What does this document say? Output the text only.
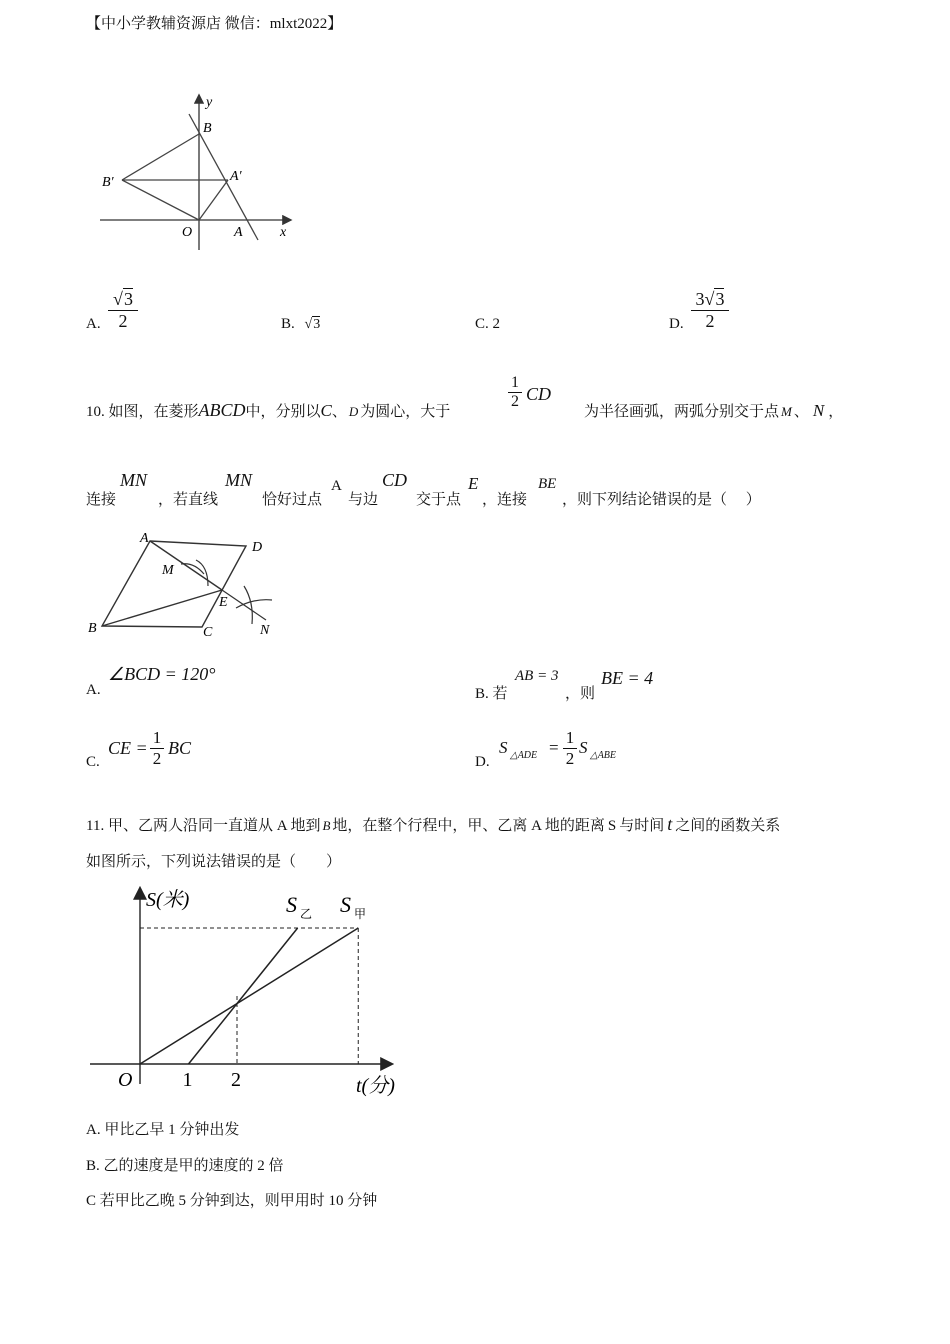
【中小学教辅资源店 微信：mlxt2022】
y
B
B′	A′
O	A	x
A. $\frac{√3}{2}$	B. √3	C. 2	D. $\frac{3√3}{2}$
10. 如图，在菱形ABCD中，分别以C、 D 为圆心，大于
$\frac{1}{2}$ CD
为半径画弧，两弧分别交于点 M 、 N ，
连接
MN
，若直线
MN
恰好过点
A
与边
CD
交于点
E
，连接
BE
，则下列结论错误的是（　 ）
A
D
M
E
B	C	N
A.
∠BCD = 120°
B. 若
AB = 3
，则
BE = 4
C.
CE = $\frac{1}{2}$ BC
D.
S △ADE = $\frac{1}{2}$ S △ABE
11. 甲、乙两人沿同一直道从 A 地到 B 地，在整个行程中，甲、乙离 A 地的距离 S 与时间 t 之间的函数关系
如图所示，下列说法错误的是（　　）
S(米)
t(分)
S 乙 S 甲
O	1 2
A. 甲比乙早 1 分钟出发
B. 乙的速度是甲的速度的 2 倍
C 若甲比乙晚 5 分钟到达，则甲用时 10 分钟
